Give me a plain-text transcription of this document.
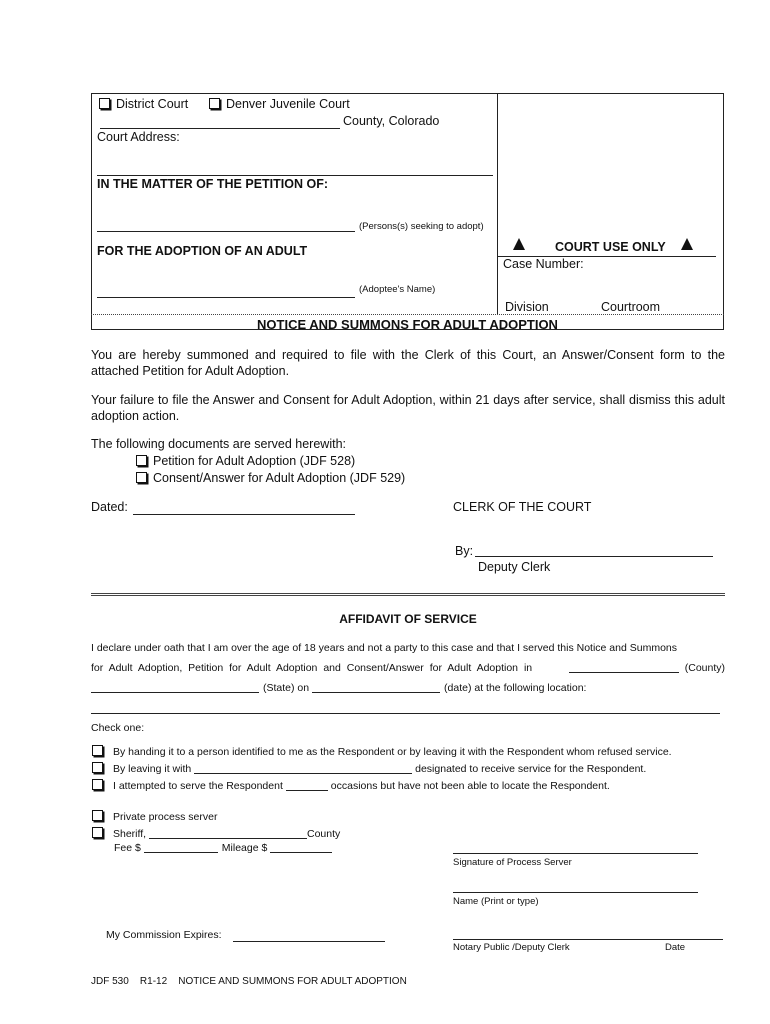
District Court	Denver Juvenile Court
County, Colorado
Court Address:
IN THE MATTER OF THE PETITION OF:
(Persons(s) seeking to adopt)
FOR THE ADOPTION OF AN ADULT
(Adoptee's Name)
COURT USE ONLY
Case Number:
Division	Courtroom
NOTICE AND SUMMONS FOR ADULT ADOPTION
You are hereby summoned and required to file with the Clerk of this Court, an Answer/Consent form to the attached Petition for Adult Adoption.
Your failure to file the Answer and Consent for Adult Adoption, within 21 days after service, shall dismiss this adult adoption action.
The following documents are served herewith:
Petition for Adult Adoption (JDF 528)
Consent/Answer for Adult Adoption (JDF 529)
Dated:	CLERK OF THE COURT
By:
Deputy Clerk
AFFIDAVIT OF SERVICE
I declare under oath that I am over the age of 18 years and not a party to this case and that I served this Notice and Summons
for Adult Adoption, Petition for Adult Adoption and Consent/Answer for Adult Adoption in	(County)
(State) on	(date) at the following location:
Check one:
By handing it to a person identified to me as the Respondent or by leaving it with the Respondent whom refused service.
By leaving it with	designated to receive service for the Respondent.
I attempted to serve the Respondent	occasions but have not been able to locate the Respondent.
Private process server
Sheriff,	County
Fee $	Mileage $
Signature of Process Server
Name (Print or type)
My Commission Expires:
Notary Public /Deputy Clerk	Date
JDF 530    R1-12    NOTICE AND SUMMONS FOR ADULT ADOPTION
